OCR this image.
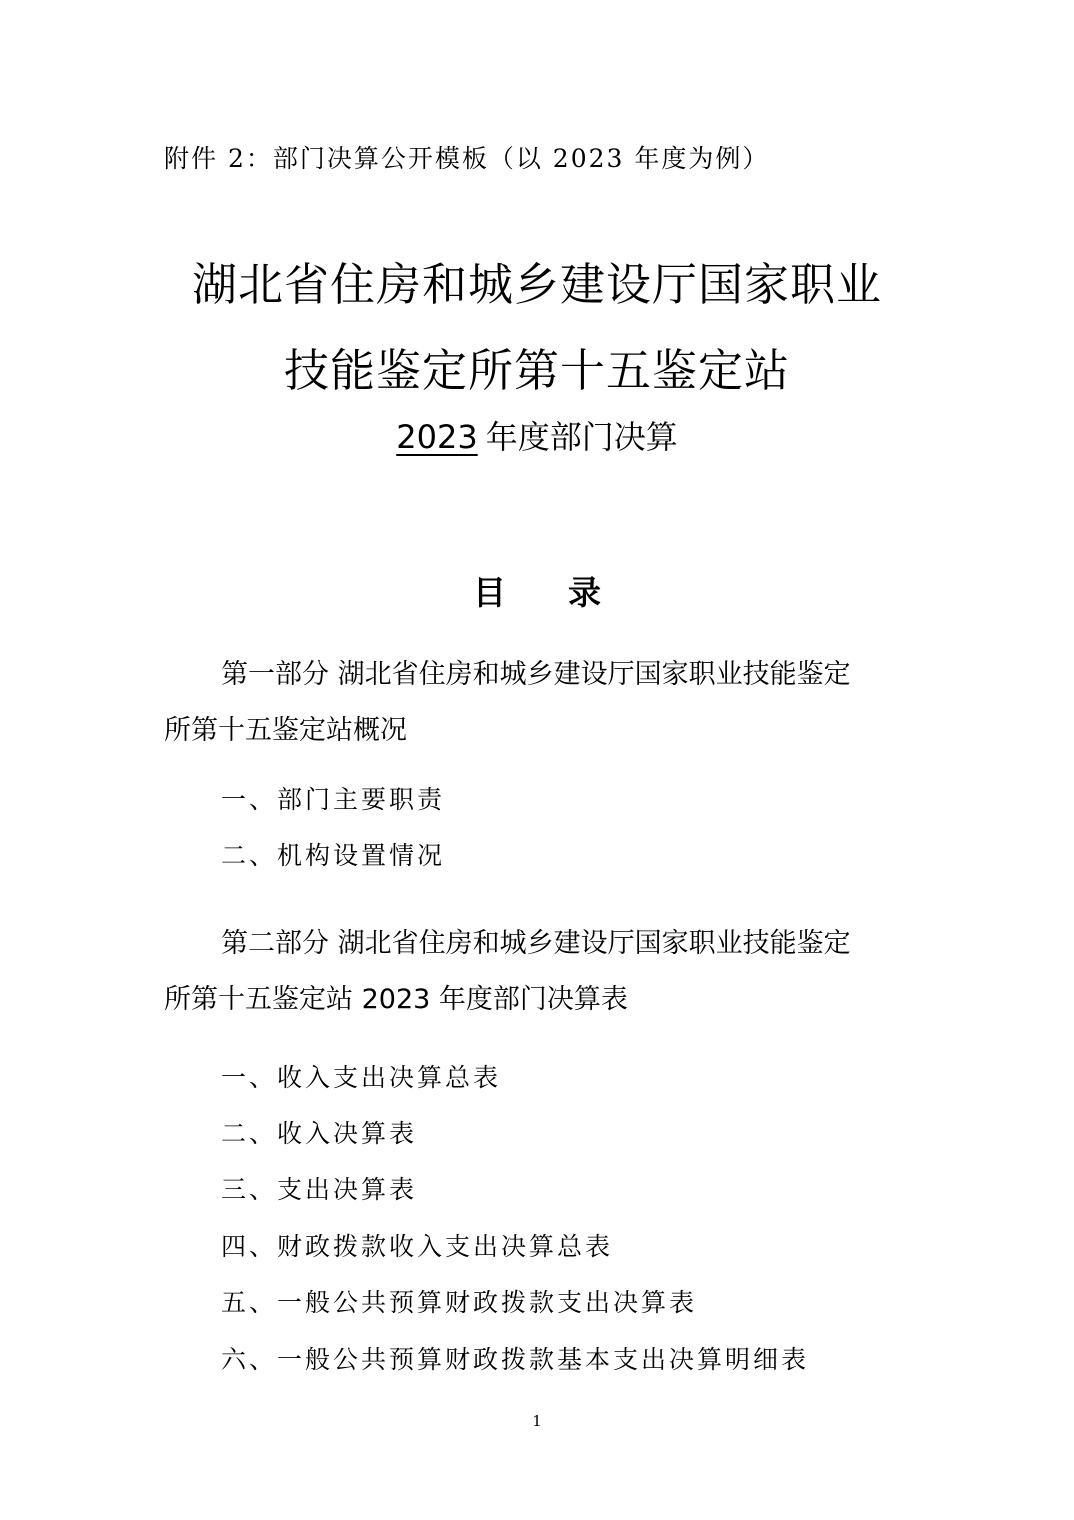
附件 2：部门决算公开模板（以 2023 年度为例）

湖北省住房和城乡建设厅国家职业
技能鉴定所第十五鉴定站
2023 年度部门决算
目 录

第一部分 湖北省住房和城乡建设厅国家职业技能鉴定

所第十五鉴定站概况

一、部门主要职责

二、机构设置情况

第二部分 湖北省住房和城乡建设厅国家职业技能鉴定

所第十五鉴定站 2023 年度部门决算表

一、收入支出决算总表

二、收入决算表

三、支出决算表

四、财政拨款收入支出决算总表

五、一般公共预算财政拨款支出决算表

六、一般公共预算财政拨款基本支出决算明细表

1
